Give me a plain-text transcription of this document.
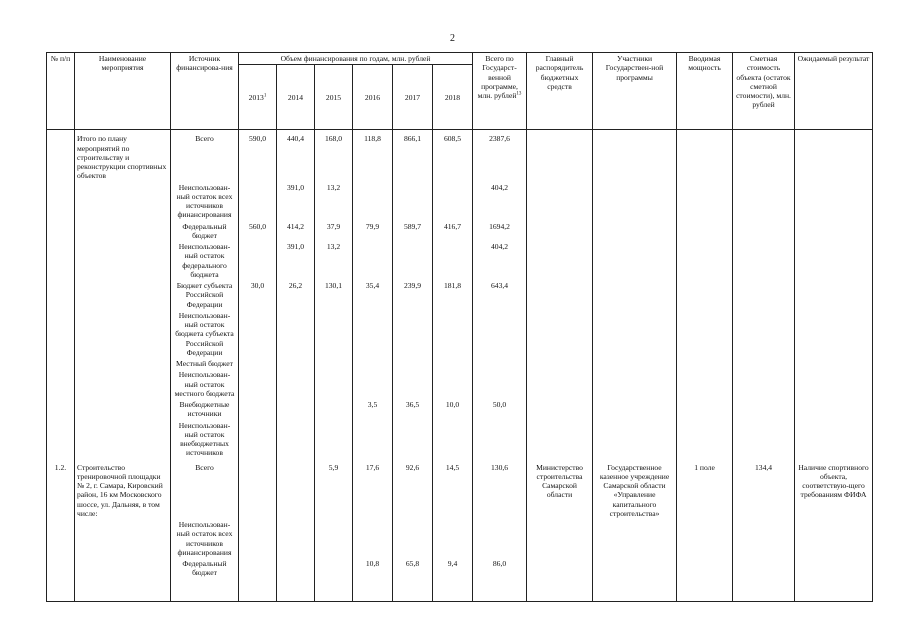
2
№ п/п	Наименование мероприятия	Источник финансирова-ния	Объем финансирования по годам, млн. рублей						Всего по Государст-венной программе, млн. рублей$^{13}$	Главный распорядитель бюджетных средств	Участники Государствен-ной программы	Вводимая мощность	Сметная стоимость объекта (остаток сметной стоимости), млн. рублей	Ожидаемый результат
			2013$^1$	2014	2015	2016	2017	2018						
	Итого по плану мероприятий по строительству и реконструкции спортивных объектов	Всего	590,0	440,4	168,0	118,8	866,1	608,5	2387,6					
		Неиспользован-ный остаток всех источников финансирования		391,0	13,2				404,2					
		Федеральный бюджет	560,0	414,2	37,9	79,9	589,7	416,7	1694,2					
		Неиспользован-ный остаток федерального бюджета		391,0	13,2				404,2					
		Бюджет субъекта Российской Федерации	30,0	26,2	130,1	35,4	239,9	181,8	643,4					
		Неиспользован-ный остаток бюджета субъекта Российской Федерации												
		Местный бюджет												
		Неиспользован-ный остаток местного бюджета												
		Внебюджетные источники				3,5	36,5	10,0	50,0					
		Неиспользован-ный остаток внебюджетных источников												
1.2.	Строительство тренировочной площадки № 2, г. Самара, Кировский район, 16 км Московского шоссе, ул. Дальняя, в том числе:	Всего			5,9	17,6	92,6	14,5	130,6	Министерство строительства Самарской области	Государственное казенное учреждение Самарской области «Управление капитального строительства»	1 поле	134,4	Наличие спортивного объекта, соответствую-щего требованиям ФИФА
		Неиспользован-ный остаток всех источников финансирования												
		Федеральный бюджет				10,8	65,8	9,4	86,0					
